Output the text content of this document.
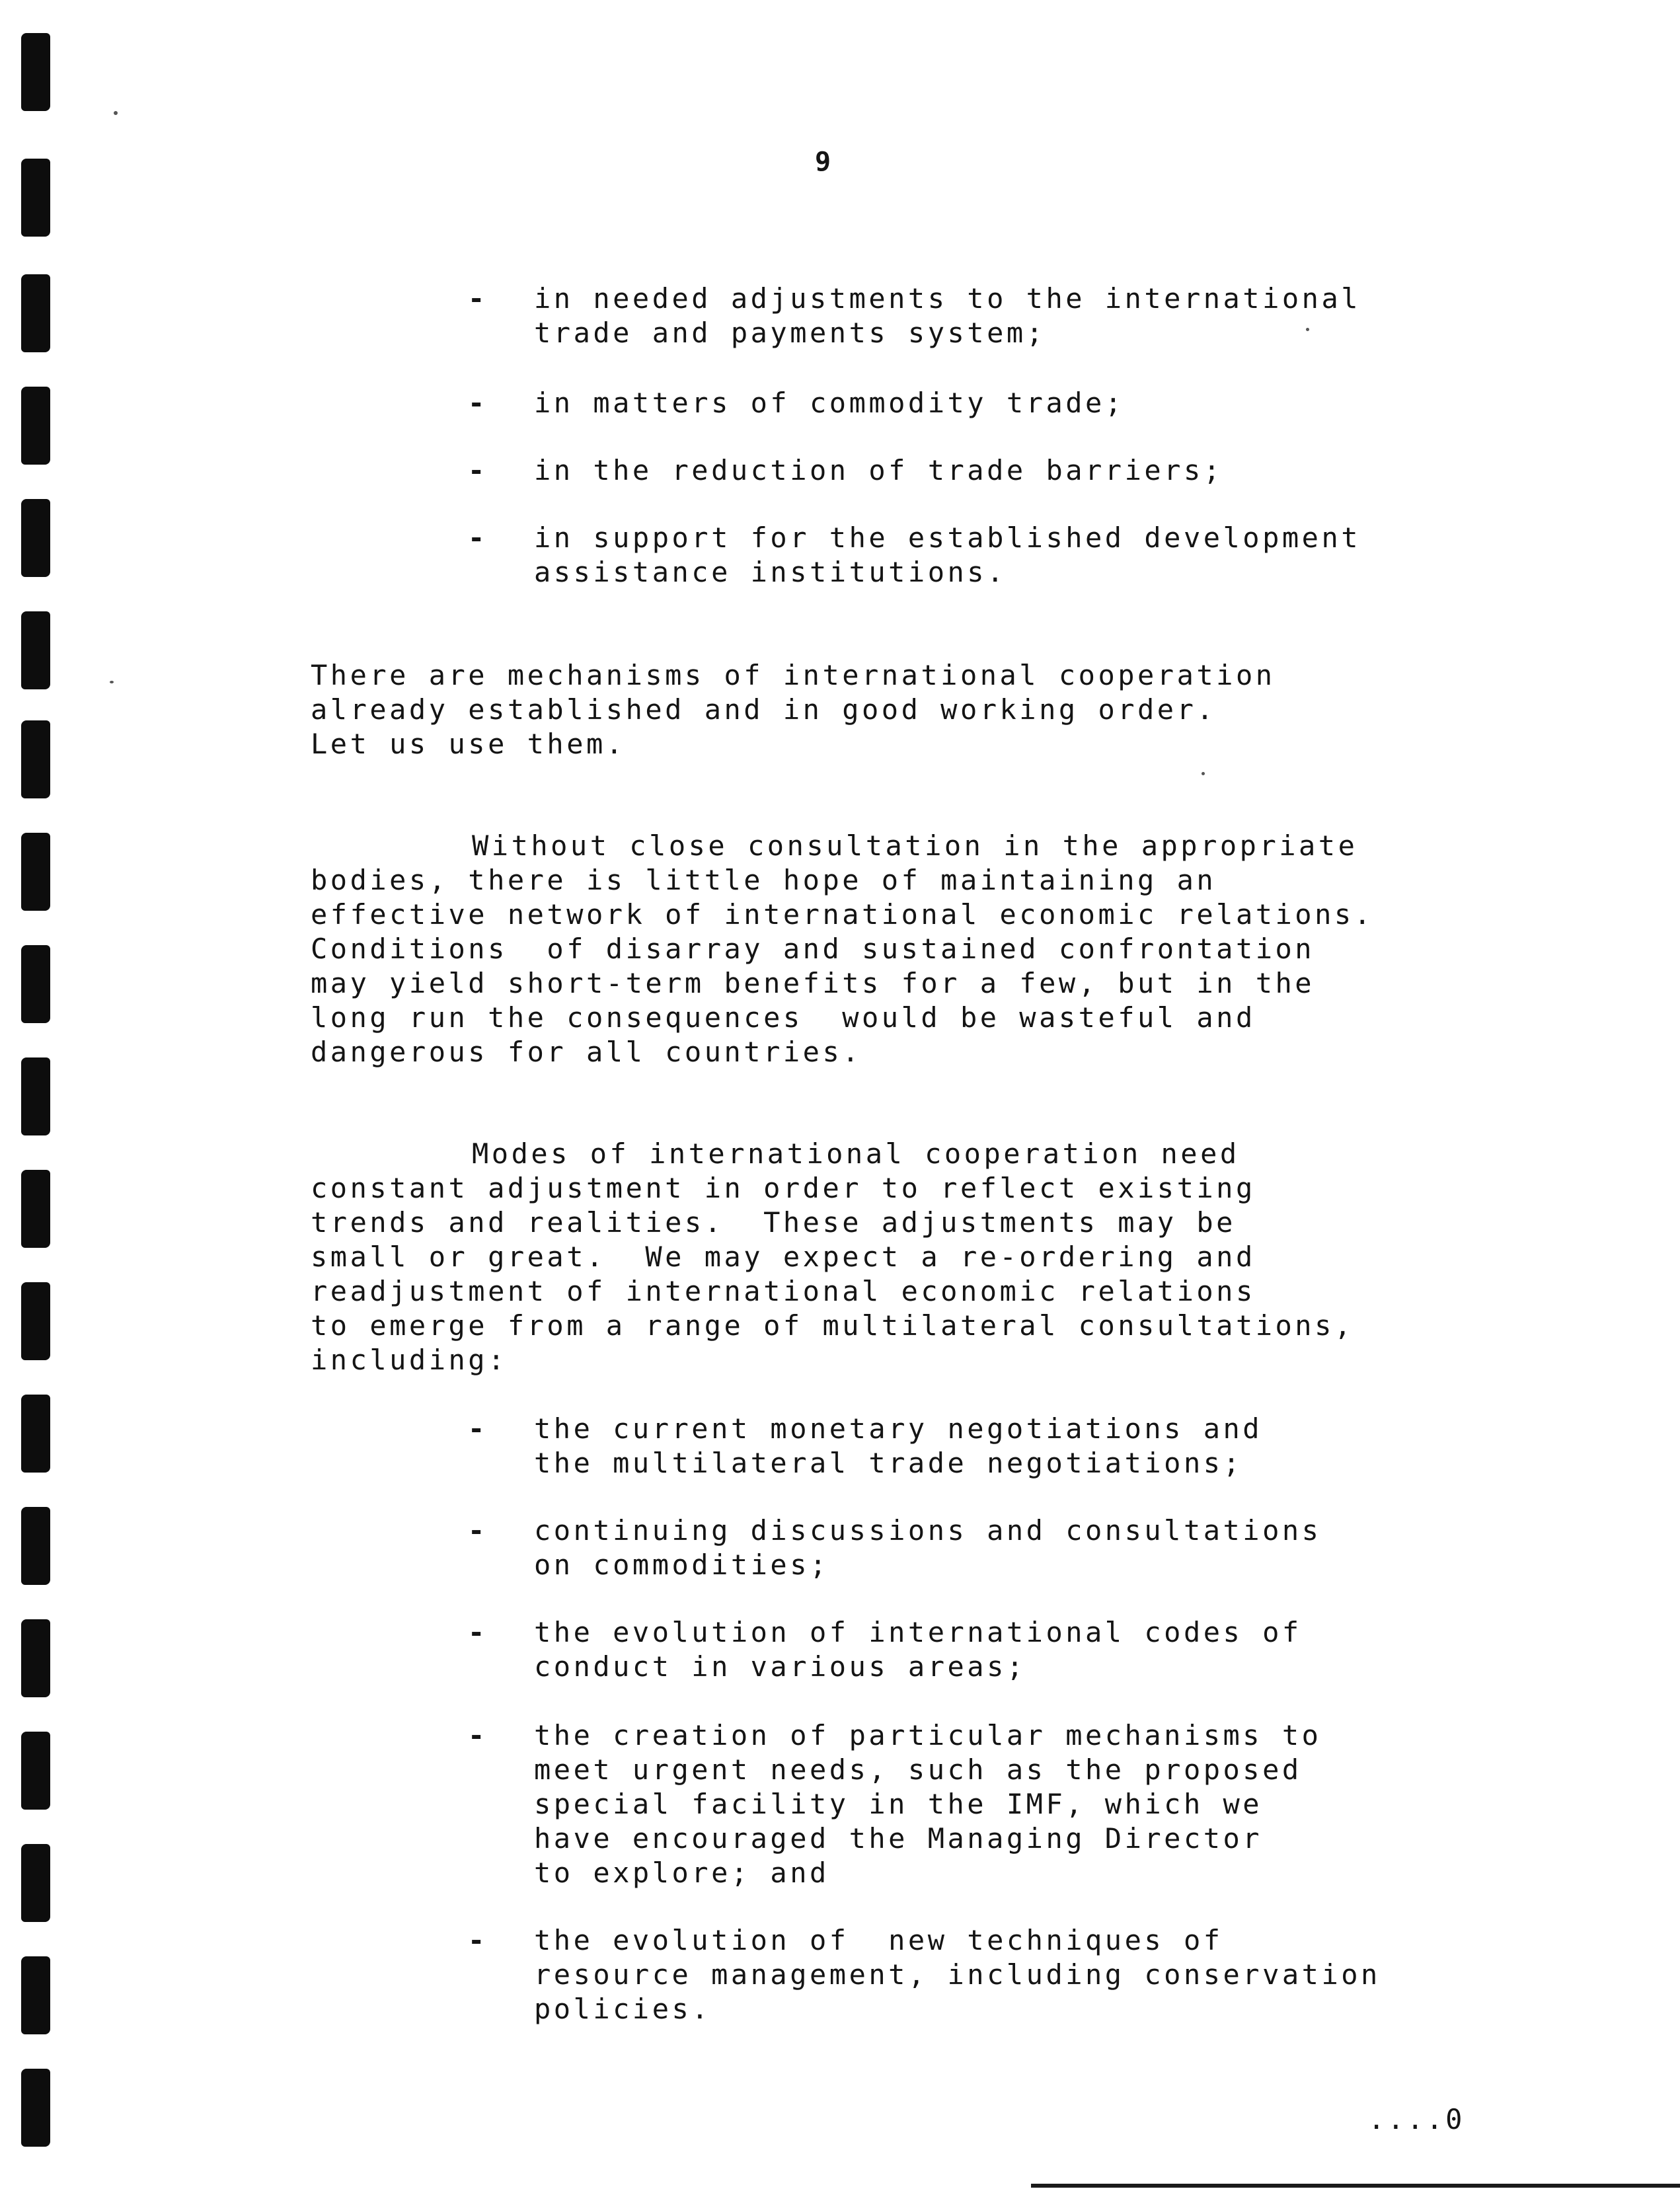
9
- in needed adjustments to the international
trade and payments system;

- in matters of commodity trade;

- in the reduction of trade barriers;

- in support for the established development
assistance institutions.

There are mechanisms of international cooperation
already established and in good working order.
Let us use them.

Without close consultation in the appropriate
bodies, there is little hope of maintaining an
effective network of international economic relations.
Conditions  of disarray and sustained confrontation
may yield short-term benefits for a few, but in the
long run the consequences  would be wasteful and
dangerous for all countries.

Modes of international cooperation need
constant adjustment in order to reflect existing
trends and realities.  These adjustments may be
small or great.  We may expect a re-ordering and
readjustment of international economic relations
to emerge from a range of multilateral consultations,
including:

- the current monetary negotiations and
the multilateral trade negotiations;

- continuing discussions and consultations
on commodities;

- the evolution of international codes of
conduct in various areas;

- the creation of particular mechanisms to
meet urgent needs, such as the proposed
special facility in the IMF, which we
have encouraged the Managing Director
to explore; and

- the evolution of  new techniques of
resource management, including conservation
policies.

....0
